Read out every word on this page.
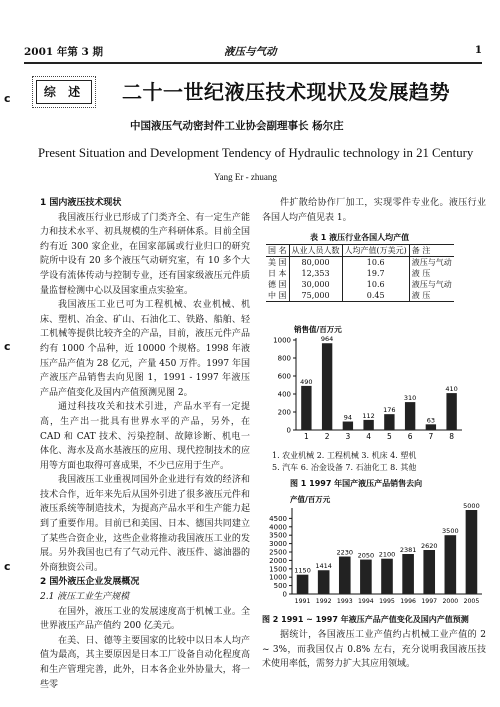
2001 年第 3 期	液压与气动	1
c
c
c
综 述	二十一世纪液压技术现状及发展趋势
中国液压气动密封件工业协会副理事长 杨尔庄
Present Situation and Development Tendency of Hydraulic technology in 21 Century
Yang Er - zhuang

1 国内液压技术现状

我国液压行业已形成了门类齐全、有一定生产能力和技术水平、初具规模的生产科研体系。目前全国约有近 300 家企业，在国家部属或行业归口的研究院所中设有 20 多个液压气动研究室，有 10 多个大学设有流体传动与控制专业，还有国家级液压元件质量监督检测中心以及国家重点实验室。

我国液压工业已可为工程机械、农业机械、机床、塑机、冶金、矿山、石油化工、铁路、船舶、轻工机械等提供比较齐全的产品，目前，液压元件产品约有 1000 个品种，近 10000 个规格。1998 年液压产品产值为 28 亿元，产量 450 万件。1997 年国产液压产品销售去向见图 1，1991 - 1997 年液压产品产值变化及国内产值预测见图 2。

通过科技攻关和技术引进，产品水平有一定提高，生产出一批具有世界水平的产品，另外，在 CAD 和 CAT 技术、污染控制、故障诊断、机电一体化、海水及高水基液压的应用、现代控制技术的应用等方面也取得可喜成果，不少已应用于生产。

我国液压工业重视同国外企业进行有效的经济和技术合作，近年来先后从国外引进了很多液压元件和液压系统等制造技术，为提高产品水平和生产能力起到了重要作用。目前已和美国、日本、德国共同建立了某些合资企业，这些企业将推动我国液压工业的发展。另外我国也已有了气动元件、液压件、滤油器的外商独资公司。

2 国外液压企业发展概况

2.1 液压工业生产规模

在国外，液压工业的发展速度高于机械工业。全世界液压产品产值约 200 亿美元。

在美、日、德等主要国家的比较中以日本人均产值为最高，其主要原因是日本工厂设备自动化程度高和生产管理完善，此外，日本各企业外协量大，将一些零

件扩散给协作厂加工，实现零件专业化。液压行业各国人均产值见表 1。

表 1 液压行业各国人均产值
国 名	从业人员人数	人均产值(万美元)	备 注
美 国	80,000	10.6	液压与气动
日 本	12,353	19.7	液 压
德 国	30,000	10.6	液压与气动
中 国	75,000	0.45	液 压
销售值/百万元
0
200
400
600
800
1000
490
1
964
2
94
3
112
4
176
5
310
6
63
7
410
8
1. 农业机械 2. 工程机械 3. 机床 4. 塑机
5. 汽车 6. 冶金设备 7. 石油化工 8. 其他
图 1 1997 年国产液压产品销售去向
产值/百万元
0
500
1000
1500
2000
2500
3000
3500
4000
4500
1150
1991
1414
1992
2230
1993
2050
1994
2100
1995
2381
1996
2620
1997
3500
2000
5000
2005
图 2 1991 ~ 1997 年液压产品产值变化及国内产值预测

据统计，各国液压工业产值约占机械工业产值的 2 ~ 3%，而我国仅占 0.8% 左右，充分说明我国液压技术使用率低，需努力扩大其应用领域。
